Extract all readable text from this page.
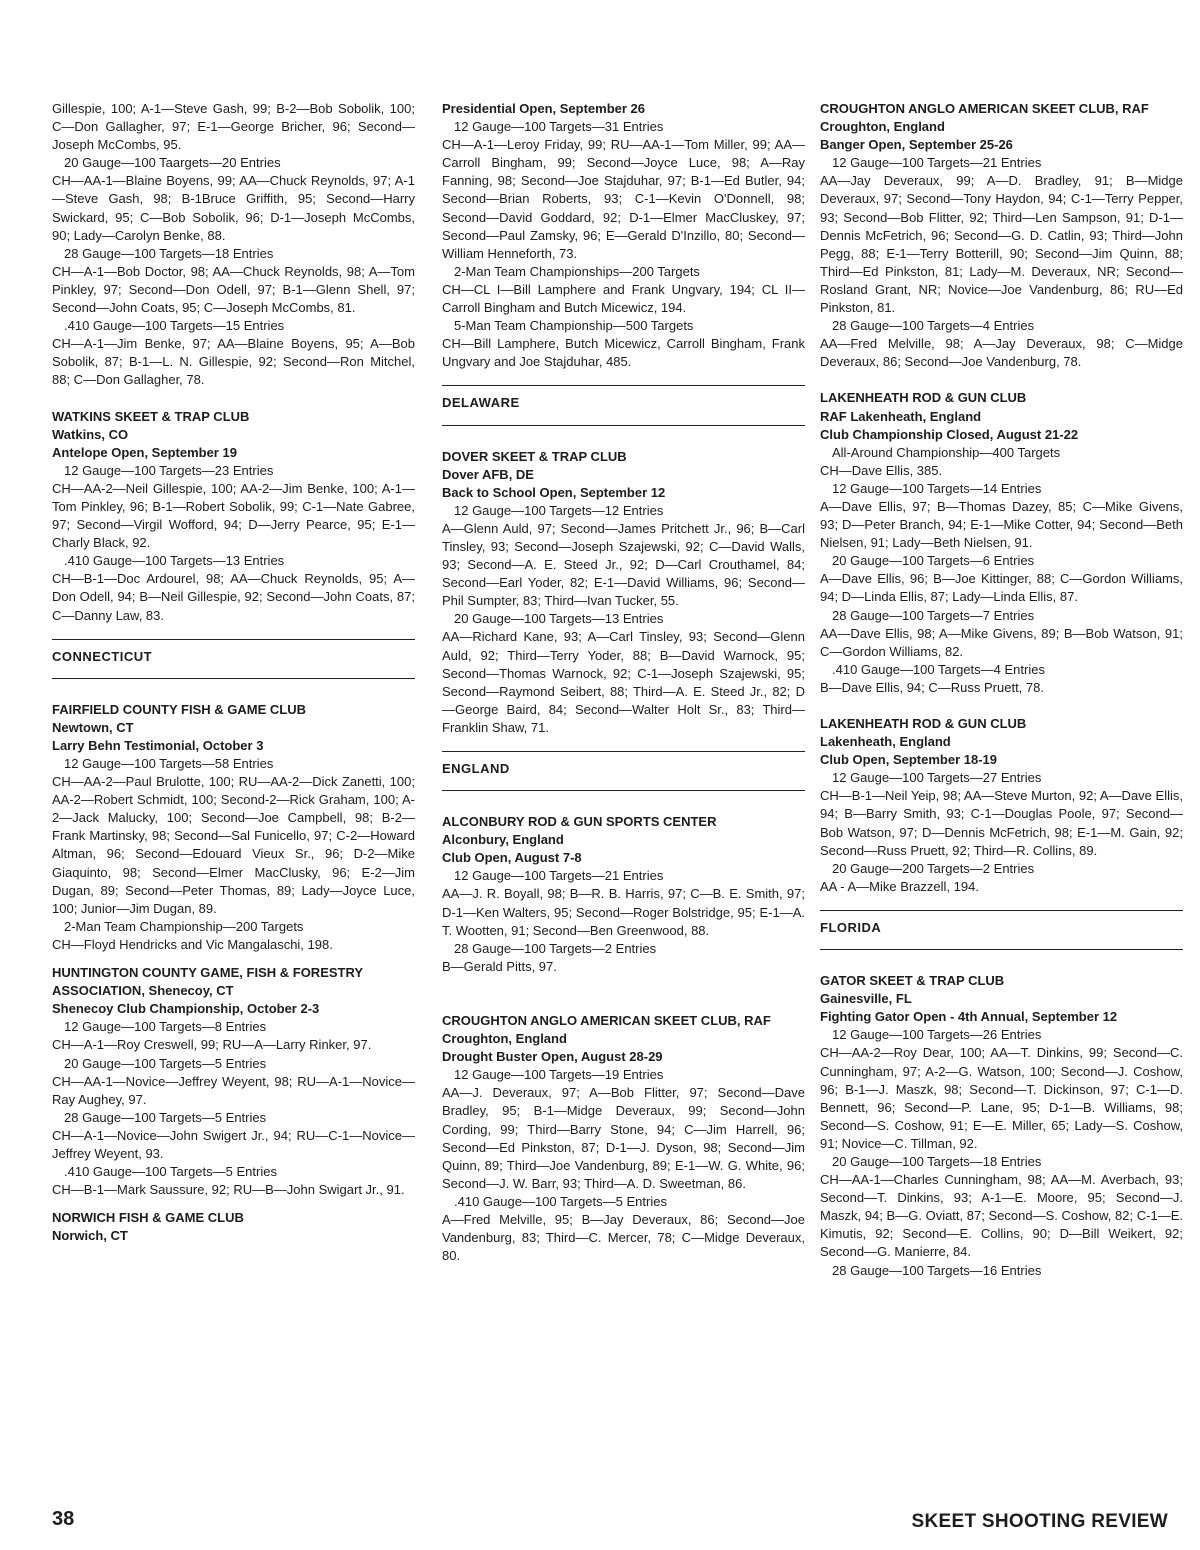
Gillespie, 100; A-1—Steve Gash, 99; B-2—Bob Sobolik, 100; C—Don Gallagher, 97; E-1—George Bricher, 96; Second—Joseph McCombs, 95.

20 Gauge—100 Taargets—20 Entries

CH—AA-1—Blaine Boyens, 99; AA—Chuck Reynolds, 97; A-1—Steve Gash, 98; B-1Bruce Griffith, 95; Second—Harry Swickard, 95; C—Bob Sobolik, 96; D-1—Joseph McCombs, 90; Lady—Carolyn Benke, 88.

28 Gauge—100 Targets—18 Entries

CH—A-1—Bob Doctor, 98; AA—Chuck Reynolds, 98; A—Tom Pinkley, 97; Second—Don Odell, 97; B-1—Glenn Shell, 97; Second—John Coats, 95; C—Joseph McCombs, 81.

.410 Gauge—100 Targets—15 Entries

CH—A-1—Jim Benke, 97; AA—Blaine Boyens, 95; A—Bob Sobolik, 87; B-1—L. N. Gillespie, 92; Second—Ron Mitchel, 88; C—Don Gallagher, 78.

WATKINS SKEET & TRAP CLUB

Watkins, CO

Antelope Open, September 19

12 Gauge—100 Targets—23 Entries

CH—AA-2—Neil Gillespie, 100; AA-2—Jim Benke, 100; A-1—Tom Pinkley, 96; B-1—Robert Sobolik, 99; C-1—Nate Gabree, 97; Second—Virgil Wofford, 94; D—Jerry Pearce, 95; E-1—Charly Black, 92.

.410 Gauge—100 Targets—13 Entries

CH—B-1—Doc Ardourel, 98; AA—Chuck Reynolds, 95; A—Don Odell, 94; B—Neil Gillespie, 92; Second—John Coats, 87; C—Danny Law, 83.

CONNECTICUT

FAIRFIELD COUNTY FISH & GAME CLUB

Newtown, CT

Larry Behn Testimonial, October 3

12 Gauge—100 Targets—58 Entries

CH—AA-2—Paul Brulotte, 100; RU—AA-2—Dick Zanetti, 100; AA-2—Robert Schmidt, 100; Second-2—Rick Graham, 100; A-2—Jack Malucky, 100; Second—Joe Campbell, 98; B-2—Frank Martinsky, 98; Second—Sal Funicello, 97; C-2—Howard Altman, 96; Second—Edouard Vieux Sr., 96; D-2—Mike Giaquinto, 98; Second—Elmer MacClusky, 96; E-2—Jim Dugan, 89; Second—Peter Thomas, 89; Lady—Joyce Luce, 100; Junior—Jim Dugan, 89.

2-Man Team Championship—200 Targets

CH—Floyd Hendricks and Vic Mangalaschi, 198.

HUNTINGTON COUNTY GAME, FISH & FORESTRY ASSOCIATION, Shenecoy, CT

Shenecoy Club Championship, October 2-3

12 Gauge—100 Targets—8 Entries

CH—A-1—Roy Creswell, 99; RU—A—Larry Rinker, 97.

20 Gauge—100 Targets—5 Entries

CH—AA-1—Novice—Jeffrey Weyent, 98; RU—A-1—Novice—Ray Aughey, 97.

28 Gauge—100 Targets—5 Entries

CH—A-1—Novice—John Swigert Jr., 94; RU—C-1—Novice—Jeffrey Weyent, 93.

.410 Gauge—100 Targets—5 Entries

CH—B-1—Mark Saussure, 92; RU—B—John Swigart Jr., 91.

NORWICH FISH & GAME CLUB

Norwich, CT

Presidential Open, September 26

12 Gauge—100 Targets—31 Entries

CH—A-1—Leroy Friday, 99; RU—AA-1—Tom Miller, 99; AA—Carroll Bingham, 99; Second—Joyce Luce, 98; A—Ray Fanning, 98; Second—Joe Stajduhar, 97; B-1—Ed Butler, 94; Second—Brian Roberts, 93; C-1—Kevin O'Donnell, 98; Second—David Goddard, 92; D-1—Elmer MacCluskey, 97; Second—Paul Zamsky, 96; E—Gerald D'Inzillo, 80; Second—William Henneforth, 73.

2-Man Team Championships—200 Targets

CH—CL I—Bill Lamphere and Frank Ungvary, 194; CL II—Carroll Bingham and Butch Micewicz, 194.

5-Man Team Championship—500 Targets

CH—Bill Lamphere, Butch Micewicz, Carroll Bingham, Frank Ungvary and Joe Stajduhar, 485.

DELAWARE

DOVER SKEET & TRAP CLUB

Dover AFB, DE

Back to School Open, September 12

12 Gauge—100 Targets—12 Entries

A—Glenn Auld, 97; Second—James Pritchett Jr., 96; B—Carl Tinsley, 93; Second—Joseph Szajewski, 92; C—David Walls, 93; Second—A. E. Steed Jr., 92; D—Carl Crouthamel, 84; Second—Earl Yoder, 82; E-1—David Williams, 96; Second—Phil Sumpter, 83; Third—Ivan Tucker, 55.

20 Gauge—100 Targets—13 Entries

AA—Richard Kane, 93; A—Carl Tinsley, 93; Second—Glenn Auld, 92; Third—Terry Yoder, 88; B—David Warnock, 95; Second—Thomas Warnock, 92; C-1—Joseph Szajewski, 95; Second—Raymond Seibert, 88; Third—A. E. Steed Jr., 82; D—George Baird, 84; Second—Walter Holt Sr., 83; Third—Franklin Shaw, 71.

ENGLAND

ALCONBURY ROD & GUN SPORTS CENTER

Alconbury, England

Club Open, August 7-8

12 Gauge—100 Targets—21 Entries

AA—J. R. Boyall, 98; B—R. B. Harris, 97; C—B. E. Smith, 97; D-1—Ken Walters, 95; Second—Roger Bolstridge, 95; E-1—A. T. Wootten, 91; Second—Ben Greenwood, 88.

28 Gauge—100 Targets—2 Entries

B—Gerald Pitts, 97.

CROUGHTON ANGLO AMERICAN SKEET CLUB, RAF Croughton, England

Drought Buster Open, August 28-29

12 Gauge—100 Targets—19 Entries

AA—J. Deveraux, 97; A—Bob Flitter, 97; Second—Dave Bradley, 95; B-1—Midge Deveraux, 99; Second—John Cording, 99; Third—Barry Stone, 94; C—Jim Harrell, 96; Second—Ed Pinkston, 87; D-1—J. Dyson, 98; Second—Jim Quinn, 89; Third—Joe Vandenburg, 89; E-1—W. G. White, 96; Second—J. W. Barr, 93; Third—A. D. Sweetman, 86.

.410 Gauge—100 Targets—5 Entries

A—Fred Melville, 95; B—Jay Deveraux, 86; Second—Joe Vandenburg, 83; Third—C. Mercer, 78; C—Midge Deveraux, 80.

CROUGHTON ANGLO AMERICAN SKEET CLUB, RAF Croughton, England

Banger Open, September 25-26

12 Gauge—100 Targets—21 Entries

AA—Jay Deveraux, 99; A—D. Bradley, 91; B—Midge Deveraux, 97; Second—Tony Haydon, 94; C-1—Terry Pepper, 93; Second—Bob Flitter, 92; Third—Len Sampson, 91; D-1—Dennis McFetrich, 96; Second—G. D. Catlin, 93; Third—John Pegg, 88; E-1—Terry Botterill, 90; Second—Jim Quinn, 88; Third—Ed Pinkston, 81; Lady—M. Deveraux, NR; Second—Rosland Grant, NR; Novice—Joe Vandenburg, 86; RU—Ed Pinkston, 81.

28 Gauge—100 Targets—4 Entries

AA—Fred Melville, 98; A—Jay Deveraux, 98; C—Midge Deveraux, 86; Second—Joe Vandenburg, 78.

LAKENHEATH ROD & GUN CLUB

RAF Lakenheath, England

Club Championship Closed, August 21-22

All-Around Championship—400 Targets

CH—Dave Ellis, 385.

12 Gauge—100 Targets—14 Entries

A—Dave Ellis, 97; B—Thomas Dazey, 85; C—Mike Givens, 93; D—Peter Branch, 94; E-1—Mike Cotter, 94; Second—Beth Nielsen, 91; Lady—Beth Nielsen, 91.

20 Gauge—100 Targets—6 Entries

A—Dave Ellis, 96; B—Joe Kittinger, 88; C—Gordon Williams, 94; D—Linda Ellis, 87; Lady—Linda Ellis, 87.

28 Gauge—100 Targets—7 Entries

AA—Dave Ellis, 98; A—Mike Givens, 89; B—Bob Watson, 91; C—Gordon Williams, 82.

.410 Gauge—100 Targets—4 Entries

B—Dave Ellis, 94; C—Russ Pruett, 78.

LAKENHEATH ROD & GUN CLUB

Lakenheath, England

Club Open, September 18-19

12 Gauge—100 Targets—27 Entries

CH—B-1—Neil Yeip, 98; AA—Steve Murton, 92; A—Dave Ellis, 94; B—Barry Smith, 93; C-1—Douglas Poole, 97; Second—Bob Watson, 97; D—Dennis McFetrich, 98; E-1—M. Gain, 92; Second—Russ Pruett, 92; Third—R. Collins, 89.

20 Gauge—200 Targets—2 Entries

AA - A—Mike Brazzell, 194.

FLORIDA

GATOR SKEET & TRAP CLUB

Gainesville, FL

Fighting Gator Open - 4th Annual, September 12

12 Gauge—100 Targets—26 Entries

CH—AA-2—Roy Dear, 100; AA—T. Dinkins, 99; Second—C. Cunningham, 97; A-2—G. Watson, 100; Second—J. Coshow, 96; B-1—J. Maszk, 98; Second—T. Dickinson, 97; C-1—D. Bennett, 96; Second—P. Lane, 95; D-1—B. Williams, 98; Second—S. Coshow, 91; E—E. Miller, 65; Lady—S. Coshow, 91; Novice—C. Tillman, 92.

20 Gauge—100 Targets—18 Entries

CH—AA-1—Charles Cunningham, 98; AA—M. Averbach, 93; Second—T. Dinkins, 93; A-1—E. Moore, 95; Second—J. Maszk, 94; B—G. Oviatt, 87; Second—S. Coshow, 82; C-1—E. Kimutis, 92; Second—E. Collins, 90; D—Bill Weikert, 92; Second—G. Manierre, 84.

28 Gauge—100 Targets—16 Entries

38	SKEET SHOOTING REVIEW
